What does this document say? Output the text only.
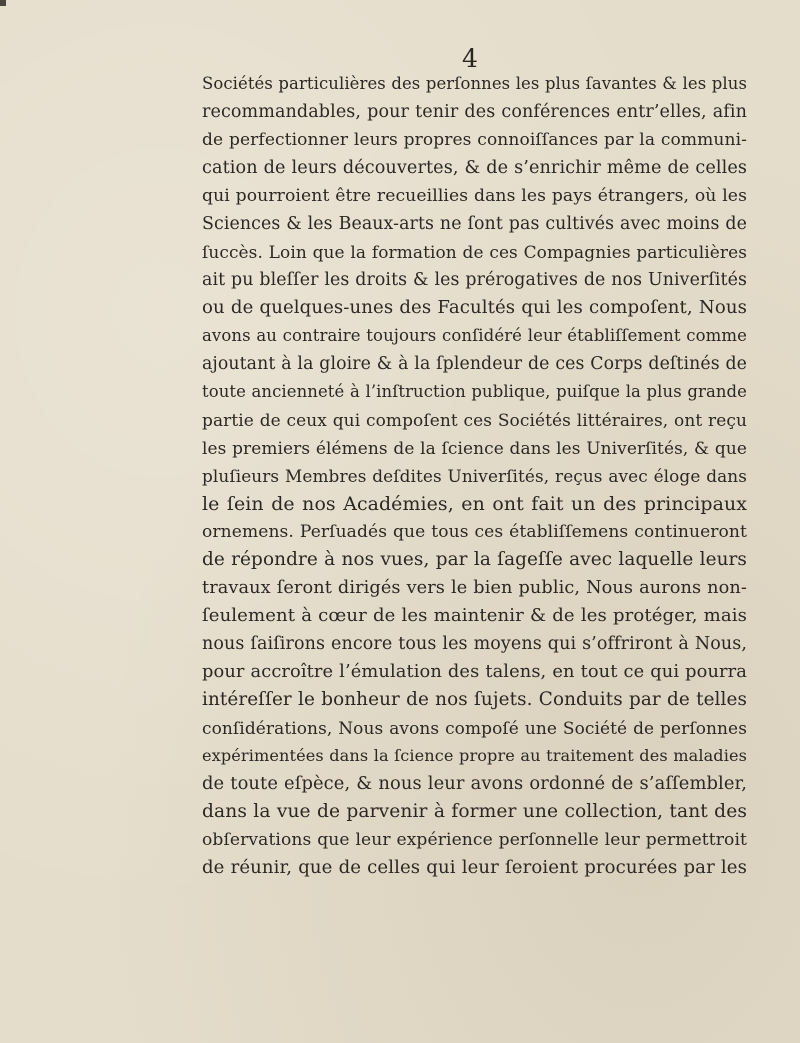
4
Sociétés particulières des perſonnes les plus ſavantes & les plus
recommandables, pour tenir des conférences entr’elles, afin
de perfectionner leurs propres connoiſſances par la communi-
cation de leurs découvertes, & de s’enrichir même de celles
qui pourroient être recueillies dans les pays étrangers, où les
Sciences & les Beaux-arts ne ſont pas cultivés avec moins de
ſuccès. Loin que la formation de ces Compagnies particulières
ait pu bleſſer les droits & les prérogatives de nos Univerſités
ou de quelques-unes des Facultés qui les compoſent, Nous
avons au contraire toujours conſidéré leur établiſſement comme
ajoutant à la gloire & à la ſplendeur de ces Corps deſtinés de
toute ancienneté à l’inſtruction publique, puiſque la plus grande
partie de ceux qui compoſent ces Sociétés littéraires, ont reçu
les premiers élémens de la ſcience dans les Univerſités, & que
pluſieurs Membres deſdites Univerſités, reçus avec éloge dans
le ſein de nos Académies, en ont fait un des principaux
ornemens. Perſuadés que tous ces établiſſemens continueront
de répondre à nos vues, par la ſageſſe avec laquelle leurs
travaux ſeront dirigés vers le bien public, Nous aurons non-
ſeulement à cœur de les maintenir & de les protéger, mais
nous ſaiſirons encore tous les moyens qui s’offriront à Nous,
pour accroître l’émulation des talens, en tout ce qui pourra
intéreſſer le bonheur de nos ſujets. Conduits par de telles
conſidérations, Nous avons compoſé une Société de perſonnes
expérimentées dans la ſcience propre au traitement des maladies
de toute eſpèce, & nous leur avons ordonné de s’aſſembler,
dans la vue de parvenir à former une collection, tant des
obſervations que leur expérience perſonnelle leur permettroit
de réunir, que de celles qui leur ſeroient procurées par les
